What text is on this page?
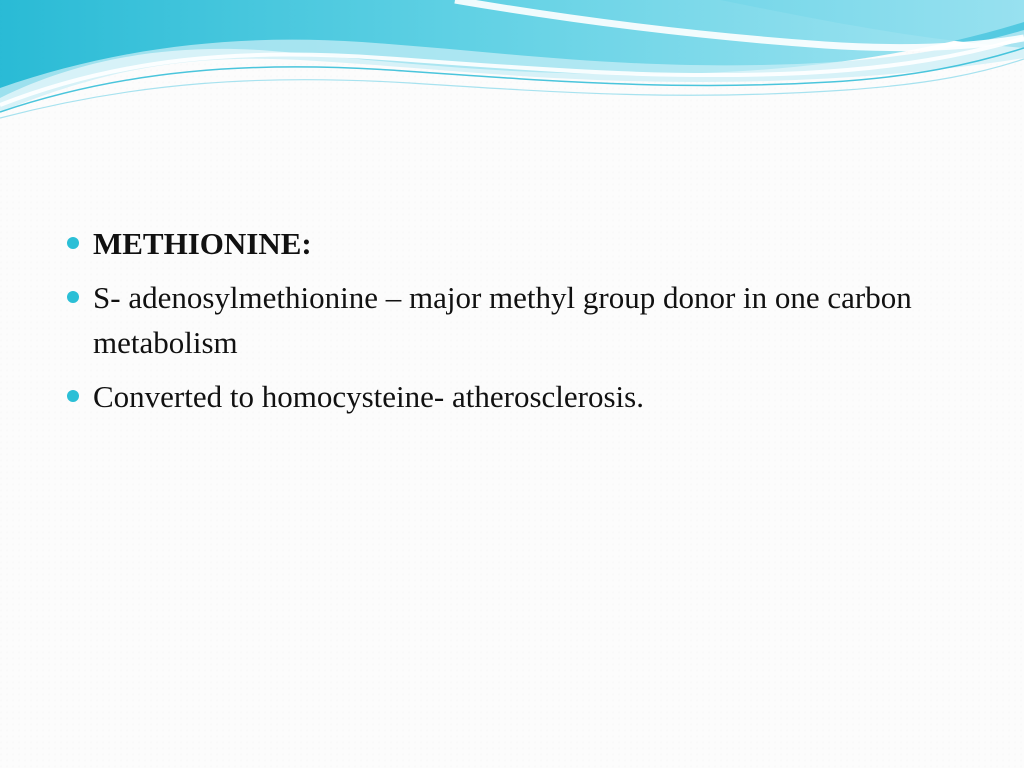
METHIONINE:
S- adenosylmethionine – major methyl group donor in one carbon metabolism
Converted to homocysteine- atherosclerosis.
